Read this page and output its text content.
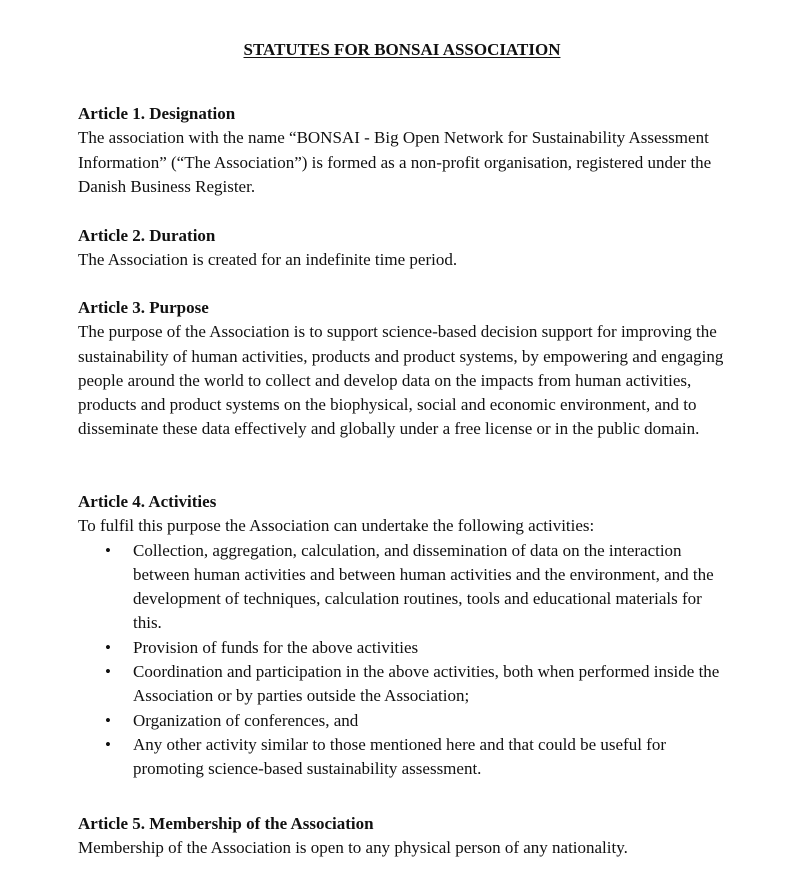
STATUTES FOR BONSAI ASSOCIATION
Article 1. Designation
The association with the name “BONSAI - Big Open Network for Sustainability Assessment Information” (“The Association”) is formed as a non-profit organisation, registered under the Danish Business Register.
Article 2. Duration
The Association is created for an indefinite time period.
Article 3. Purpose
The purpose of the Association is to support science-based decision support for improving the sustainability of human activities, products and product systems, by empowering and engaging people around the world to collect and develop data on the impacts from human activities, products and product systems on the biophysical, social and economic environment, and to disseminate these data effectively and globally under a free license or in the public domain.
Article 4. Activities
To fulfil this purpose the Association can undertake the following activities:
• Collection, aggregation, calculation, and dissemination of data on the interaction between human activities and between human activities and the environment, and the development of techniques, calculation routines, tools and educational materials for this.
• Provision of funds for the above activities
• Coordination and participation in the above activities, both when performed inside the Association or by parties outside the Association;
• Organization of conferences, and
• Any other activity similar to those mentioned here and that could be useful for promoting science-based sustainability assessment.
Article 5. Membership of the Association
Membership of the Association is open to any physical person of any nationality.
